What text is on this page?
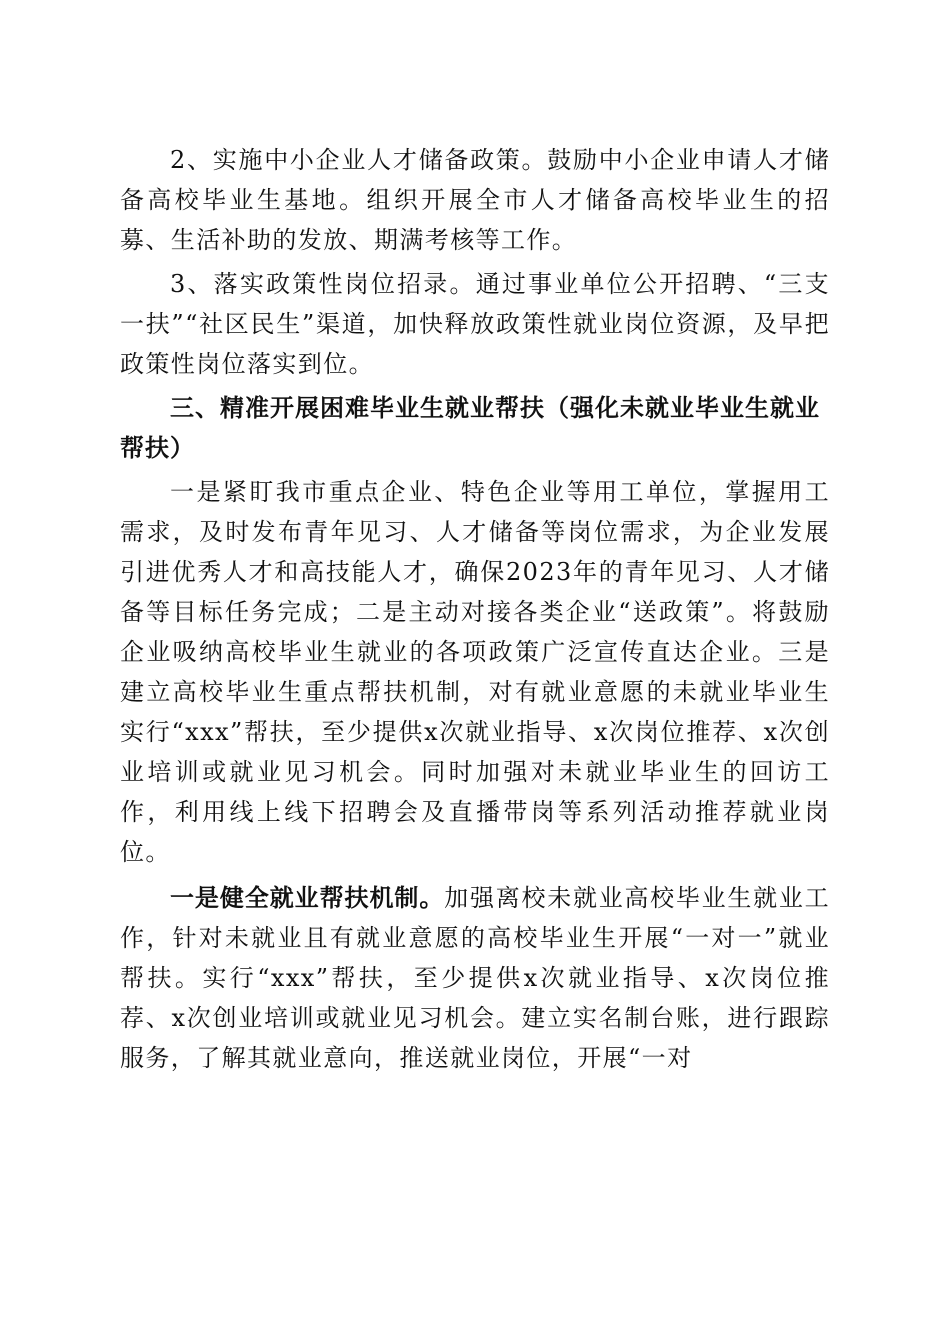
2、实施中小企业人才储备政策。鼓励中小企业申请人才储备高校毕业生基地。组织开展全市人才储备高校毕业生的招募、生活补助的发放、期满考核等工作。

3、落实政策性岗位招录。通过事业单位公开招聘、“三支一扶”“社区民生”渠道，加快释放政策性就业岗位资源，及早把政策性岗位落实到位。

三、精准开展困难毕业生就业帮扶（强化未就业毕业生就业帮扶）

一是紧盯我市重点企业、特色企业等用工单位，掌握用工需求，及时发布青年见习、人才储备等岗位需求，为企业发展引进优秀人才和高技能人才，确保2023年的青年见习、人才储备等目标任务完成；二是主动对接各类企业“送政策”。将鼓励企业吸纳高校毕业生就业的各项政策广泛宣传直达企业。三是建立高校毕业生重点帮扶机制，对有就业意愿的未就业毕业生实行“xxx”帮扶，至少提供x次就业指导、x次岗位推荐、x次创业培训或就业见习机会。同时加强对未就业毕业生的回访工作，利用线上线下招聘会及直播带岗等系列活动推荐就业岗位。

一是健全就业帮扶机制。加强离校未就业高校毕业生就业工作，针对未就业且有就业意愿的高校毕业生开展“一对一”就业帮扶。实行“xxx”帮扶，至少提供x次就业指导、x次岗位推荐、x次创业培训或就业见习机会。建立实名制台账，进行跟踪服务，了解其就业意向，推送就业岗位，开展“一对
